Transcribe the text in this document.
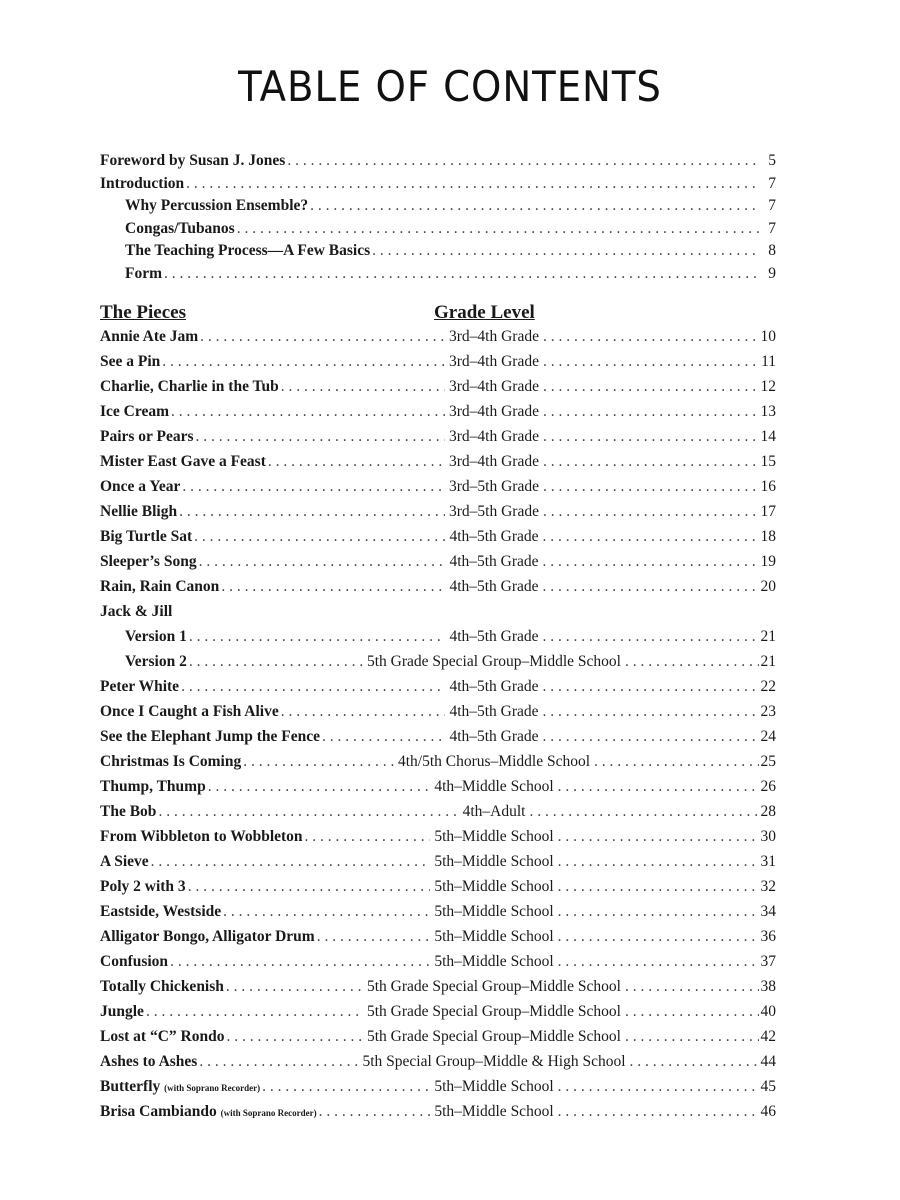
TABLE OF CONTENTS
Foreword by Susan J. Jones . . .	5
Introduction . . .	7
Why Percussion Ensemble? . . .	7
Congas/Tubanos . . .	7
The Teaching Process—A Few Basics . . .	8
Form . . .	9
The Pieces	Grade Level
Annie Ate Jam . . .	3rd–4th Grade . . .	10
See a Pin . . .	3rd–4th Grade . . .	11
Charlie, Charlie in the Tub . . .	3rd–4th Grade . . .	12
Ice Cream . . .	3rd–4th Grade . . .	13
Pairs or Pears . . .	3rd–4th Grade . . .	14
Mister East Gave a Feast . . .	3rd–4th Grade . . .	15
Once a Year . . .	3rd–5th Grade . . .	16
Nellie Bligh . . .	3rd–5th Grade . . .	17
Big Turtle Sat . . .	4th–5th Grade . . .	18
Sleeper’s Song . . .	4th–5th Grade . . .	19
Rain, Rain Canon . . .	4th–5th Grade . . .	20
Jack & Jill
Version 1 . . .	4th–5th Grade . . .	21
Version 2 . . .	5th Grade Special Group–Middle School . . .	21
Peter White . . .	4th–5th Grade . . .	22
Once I Caught a Fish Alive . . .	4th–5th Grade . . .	23
See the Elephant Jump the Fence . . .	4th–5th Grade . . .	24
Christmas Is Coming . . .	4th/5th Chorus–Middle School . . .	25
Thump, Thump . . .	4th–Middle School . . .	26
The Bob . . .	4th–Adult . . .	28
From Wibbleton to Wobbleton . . .	5th–Middle School . . .	30
A Sieve . . .	5th–Middle School . . .	31
Poly 2 with 3 . . .	5th–Middle School . . .	32
Eastside, Westside . . .	5th–Middle School . . .	34
Alligator Bongo, Alligator Drum . . .	5th–Middle School . . .	36
Confusion . . .	5th–Middle School . . .	37
Totally Chickenish . . .	5th Grade Special Group–Middle School . . .	38
Jungle . . .	5th Grade Special Group–Middle School . . .	40
Lost at “C” Rondo . . .	5th Grade Special Group–Middle School . . .	42
Ashes to Ashes . . .	5th Special Group–Middle & High School . . .	44
Butterfly (with Soprano Recorder) . . .	5th–Middle School . . .	45
Brisa Cambiando (with Soprano Recorder) . . .	5th–Middle School . . .	46
